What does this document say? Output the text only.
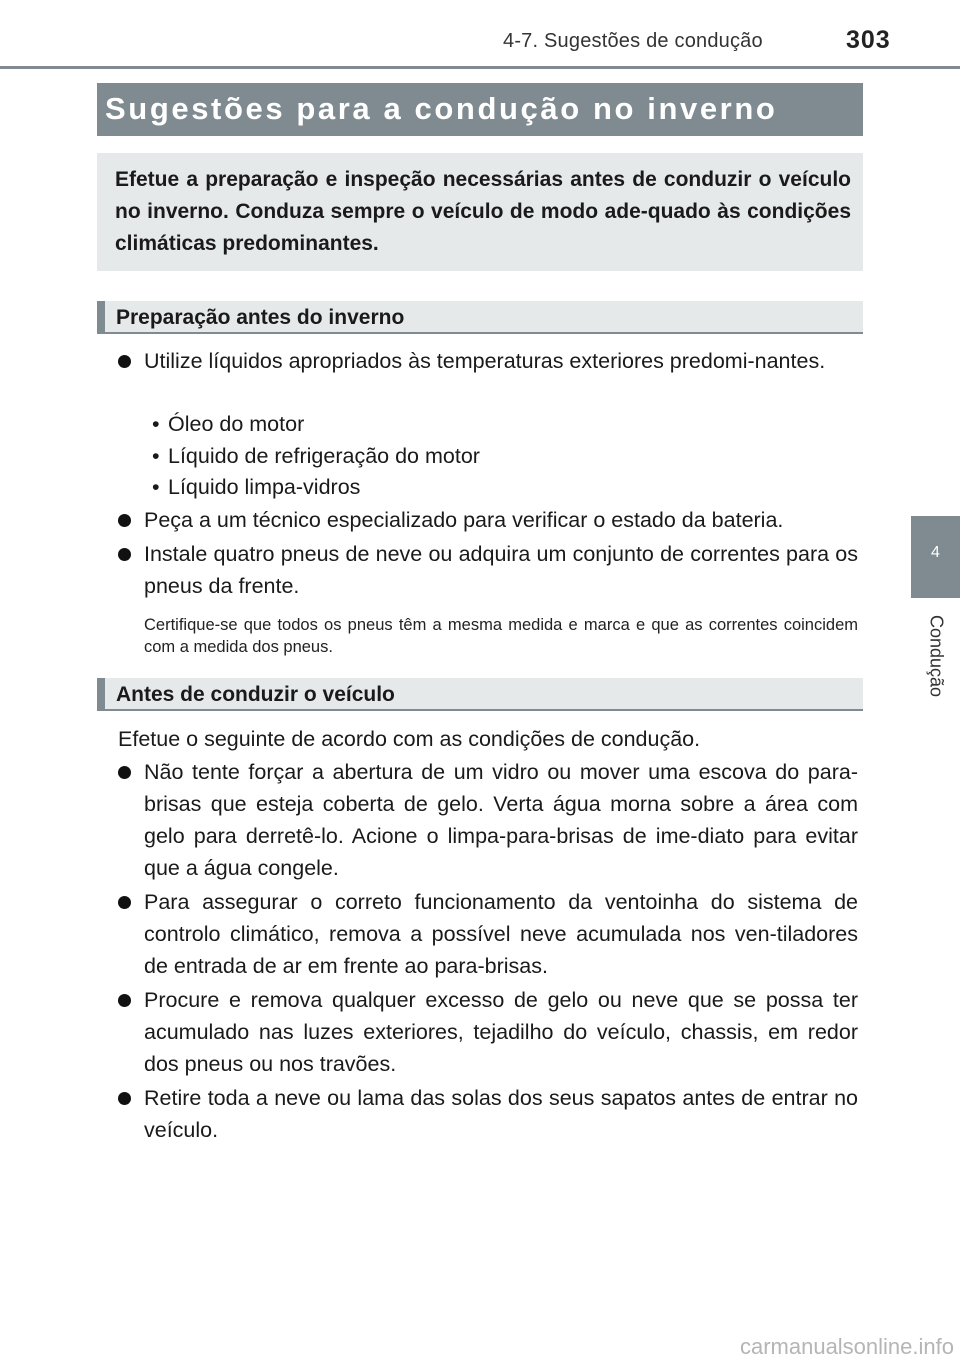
4-7. Sugestões de condução	303
4
Condução
Sugestões para a condução no inverno

Efetue a preparação e inspeção necessárias antes de conduzir o veículo no inverno. Conduza sempre o veículo de modo ade-quado às condições climáticas predominantes.

Preparação antes do inverno
Utilize líquidos apropriados às temperaturas exteriores predomi-nantes.
• Óleo do motor
• Líquido de refrigeração do motor
• Líquido limpa-vidros
Peça a um técnico especializado para verificar o estado da bateria.
Instale quatro pneus de neve ou adquira um conjunto de correntes para os pneus da frente.
Certifique-se que todos os pneus têm a mesma medida e marca e que as correntes coincidem com a medida dos pneus.
Antes de conduzir o veículo
Efetue o seguinte de acordo com as condições de condução.
Não tente forçar a abertura de um vidro ou mover uma escova do para-brisas que esteja coberta de gelo. Verta água morna sobre a área com gelo para derretê-lo. Acione o limpa-para-brisas de ime-diato para evitar que a água congele.
Para assegurar o correto funcionamento da ventoinha do sistema de controlo climático, remova a possível neve acumulada nos ven-tiladores de entrada de ar em frente ao para-brisas.
Procure e remova qualquer excesso de gelo ou neve que se possa ter acumulado nas luzes exteriores, tejadilho do veículo, chassis, em redor dos pneus ou nos travões.
Retire toda a neve ou lama das solas dos seus sapatos antes de entrar no veículo.
carmanualsonline.info
